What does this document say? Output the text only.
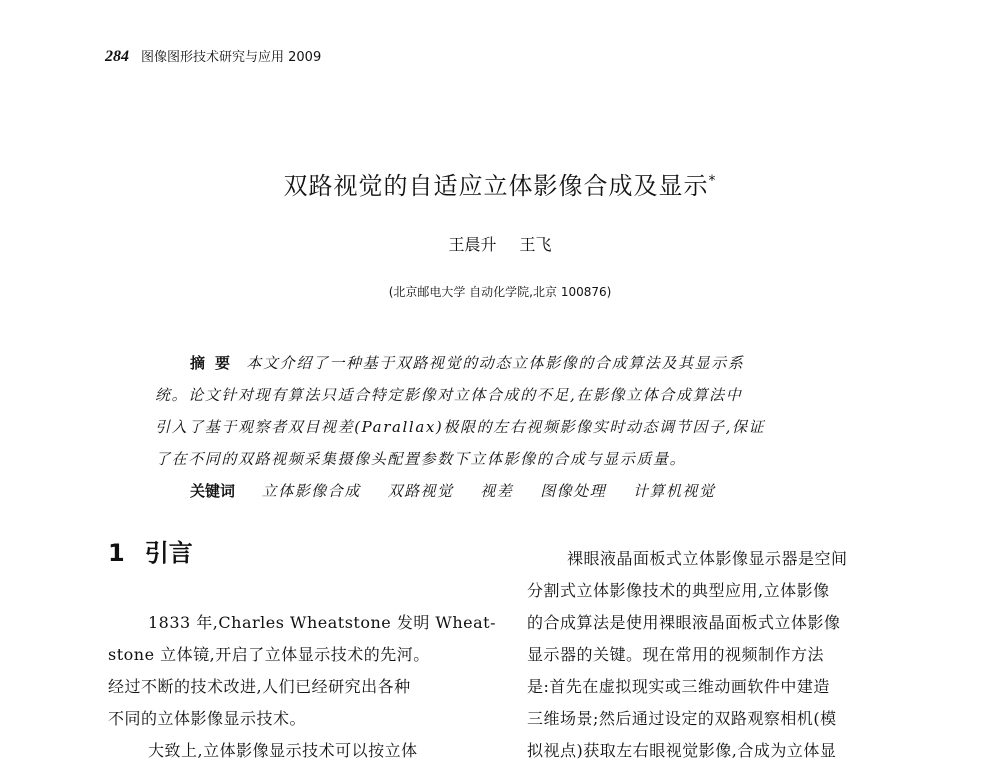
284 图像图形技术研究与应用 2009
双路视觉的自适应立体影像合成及显示*
王晨升 王飞
(北京邮电大学 自动化学院,北京 100876)
摘要 本文介绍了一种基于双路视觉的动态立体影像的合成算法及其显示系
统。论文针对现有算法只适合特定影像对立体合成的不足,在影像立体合成算法中
引入了基于观察者双目视差(Parallax)极限的左右视频影像实时动态调节因子,保证
了在不同的双路视频采集摄像头配置参数下立体影像的合成与显示质量。
关键词 立体影像合成 双路视觉 视差 图像处理 计算机视觉
1 引言
1833 年,Charles Wheatstone 发明 Wheat-
stone 立体镜,开启了立体显示技术的先河。
经过不断的技术改进,人们已经研究出各种
不同的立体影像显示技术。
大致上,立体影像显示技术可以按立体
裸眼液晶面板式立体影像显示器是空间
分割式立体影像技术的典型应用,立体影像
的合成算法是使用裸眼液晶面板式立体影像
显示器的关键。现在常用的视频制作方法
是:首先在虚拟现实或三维动画软件中建造
三维场景;然后通过设定的双路观察相机(模
拟视点)获取左右眼视觉影像,合成为立体显
